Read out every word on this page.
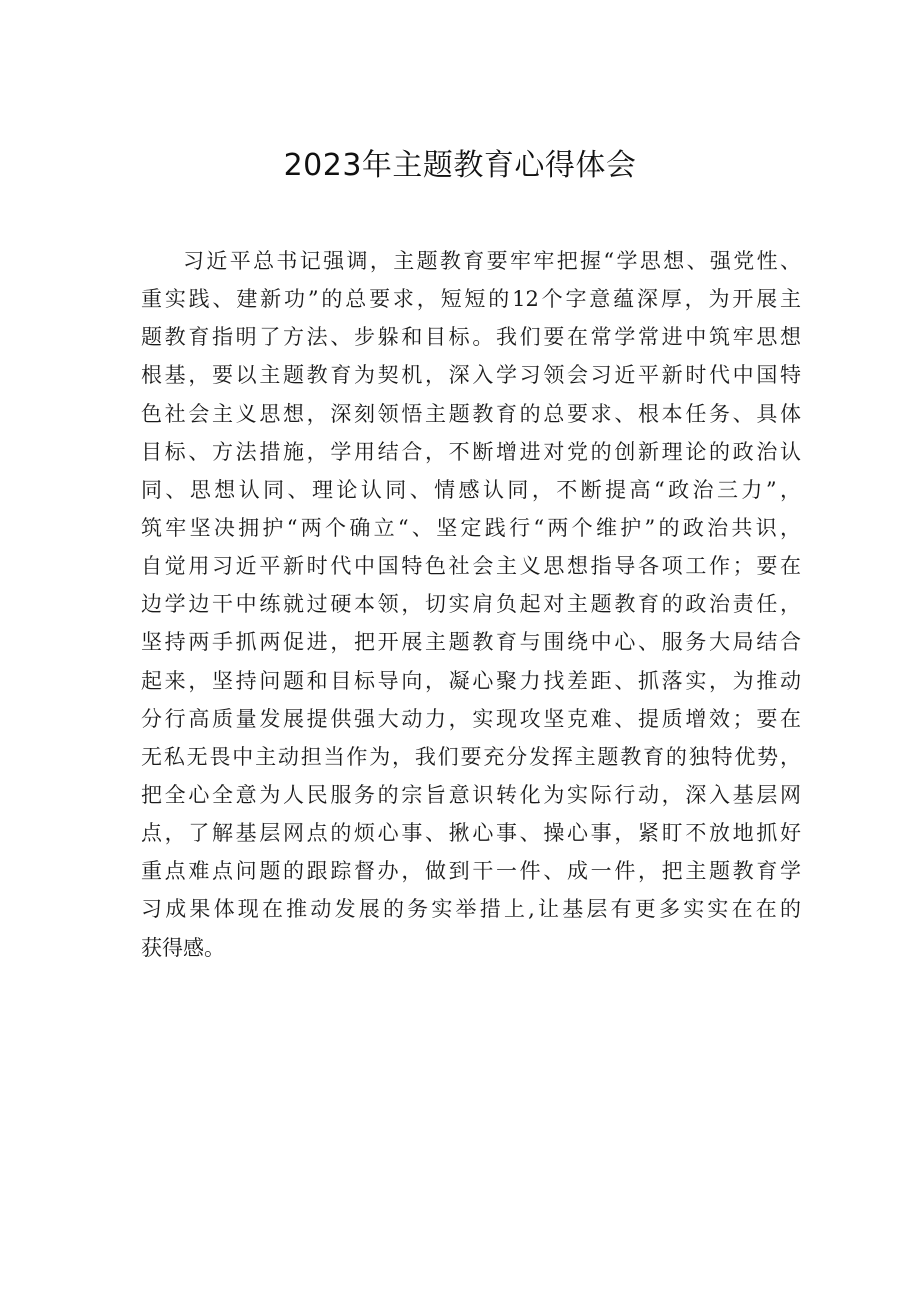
2023年主题教育心得体会
习近平总书记强调，主题教育要牢牢把握“学思想、强党性、
重实践、建新功”的总要求，短短的12个字意蕴深厚，为开展主
题教育指明了方法、步躲和目标。我们要在常学常进中筑牢思想
根基，要以主题教育为契机，深入学习领会习近平新时代中国特
色社会主义思想，深刻领悟主题教育的总要求、根本任务、具体
目标、方法措施，学用结合，不断增进对党的创新理论的政治认
同、思想认同、理论认同、情感认同，不断提高“政治三力”，
筑牢坚决拥护“两个确立“、坚定践行“两个维护”的政治共识，
自觉用习近平新时代中国特色社会主义思想指导各项工作；要在
边学边干中练就过硬本领，切实肩负起对主题教育的政治责任，
坚持两手抓两促进，把开展主题教育与围绕中心、服务大局结合
起来，坚持问题和目标导向，凝心聚力找差距、抓落实，为推动
分行高质量发展提供强大动力，实现攻坚克难、提质增效；要在
无私无畏中主动担当作为，我们要充分发挥主题教育的独特优势，
把全心全意为人民服务的宗旨意识转化为实际行动，深入基层网
点，了解基层网点的烦心事、揪心事、操心事，紧盯不放地抓好
重点难点问题的跟踪督办，做到干一件、成一件，把主题教育学
习成果体现在推动发展的务实举措上,让基层有更多实实在在的
获得感。
